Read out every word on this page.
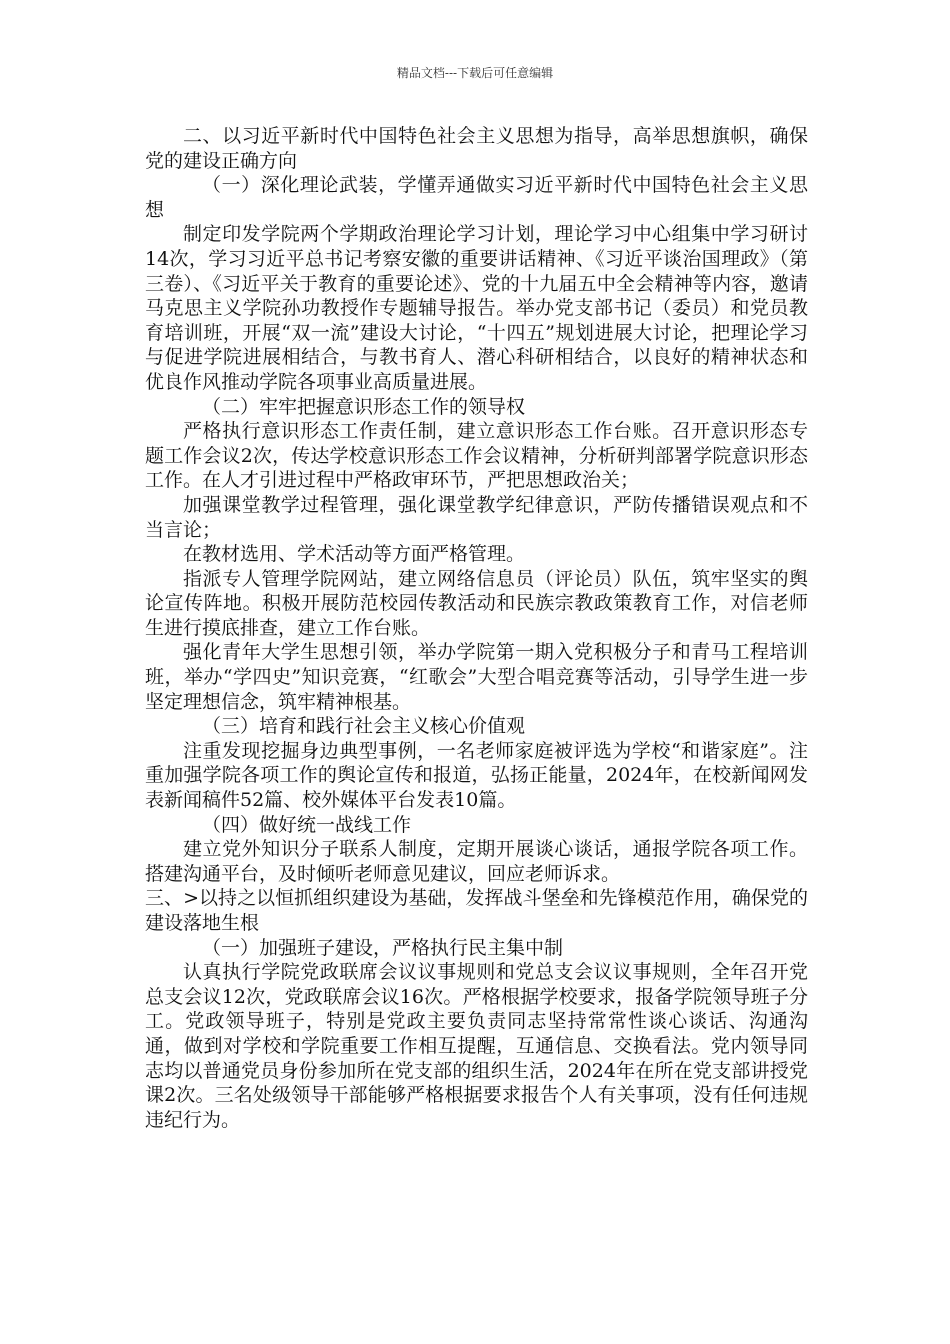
精品文档---下载后可任意编辑

二、以习近平新时代中国特色社会主义思想为指导，高举思想旗帜，确保党的建设正确方向

（一）深化理论武装，学懂弄通做实习近平新时代中国特色社会主义思想

制定印发学院两个学期政治理论学习计划，理论学习中心组集中学习研讨14次，学习习近平总书记考察安徽的重要讲话精神、《习近平谈治国理政》（第三卷）、《习近平关于教育的重要论述》、党的十九届五中全会精神等内容，邀请马克思主义学院孙功教授作专题辅导报告。举办党支部书记（委员）和党员教育培训班，开展“双一流”建设大讨论，“十四五”规划进展大讨论，把理论学习与促进学院进展相结合，与教书育人、潜心科研相结合，以良好的精神状态和优良作风推动学院各项事业高质量进展。

（二）牢牢把握意识形态工作的领导权

严格执行意识形态工作责任制，建立意识形态工作台账。召开意识形态专题工作会议2次，传达学校意识形态工作会议精神，分析研判部署学院意识形态工作。在人才引进过程中严格政审环节，严把思想政治关；

加强课堂教学过程管理，强化课堂教学纪律意识，严防传播错误观点和不当言论；

在教材选用、学术活动等方面严格管理。

指派专人管理学院网站，建立网络信息员（评论员）队伍，筑牢坚实的舆论宣传阵地。积极开展防范校园传教活动和民族宗教政策教育工作，对信老师生进行摸底排查，建立工作台账。

强化青年大学生思想引领，举办学院第一期入党积极分子和青马工程培训班，举办“学四史”知识竞赛，“红歌会”大型合唱竞赛等活动，引导学生进一步坚定理想信念，筑牢精神根基。

（三）培育和践行社会主义核心价值观

注重发现挖掘身边典型事例，一名老师家庭被评选为学校“和谐家庭”。注重加强学院各项工作的舆论宣传和报道，弘扬正能量，2024年，在校新闻网发表新闻稿件52篇、校外媒体平台发表10篇。

（四）做好统一战线工作

建立党外知识分子联系人制度，定期开展谈心谈话，通报学院各项工作。搭建沟通平台，及时倾听老师意见建议，回应老师诉求。

三、>以持之以恒抓组织建设为基础，发挥战斗堡垒和先锋模范作用，确保党的建设落地生根

（一）加强班子建设，严格执行民主集中制

认真执行学院党政联席会议议事规则和党总支会议议事规则，全年召开党总支会议12次，党政联席会议16次。严格根据学校要求，报备学院领导班子分工。党政领导班子，特别是党政主要负责同志坚持常常性谈心谈话、沟通沟通，做到对学校和学院重要工作相互提醒，互通信息、交换看法。党内领导同志均以普通党员身份参加所在党支部的组织生活，2024年在所在党支部讲授党课2次。三名处级领导干部能够严格根据要求报告个人有关事项，没有任何违规违纪行为。
